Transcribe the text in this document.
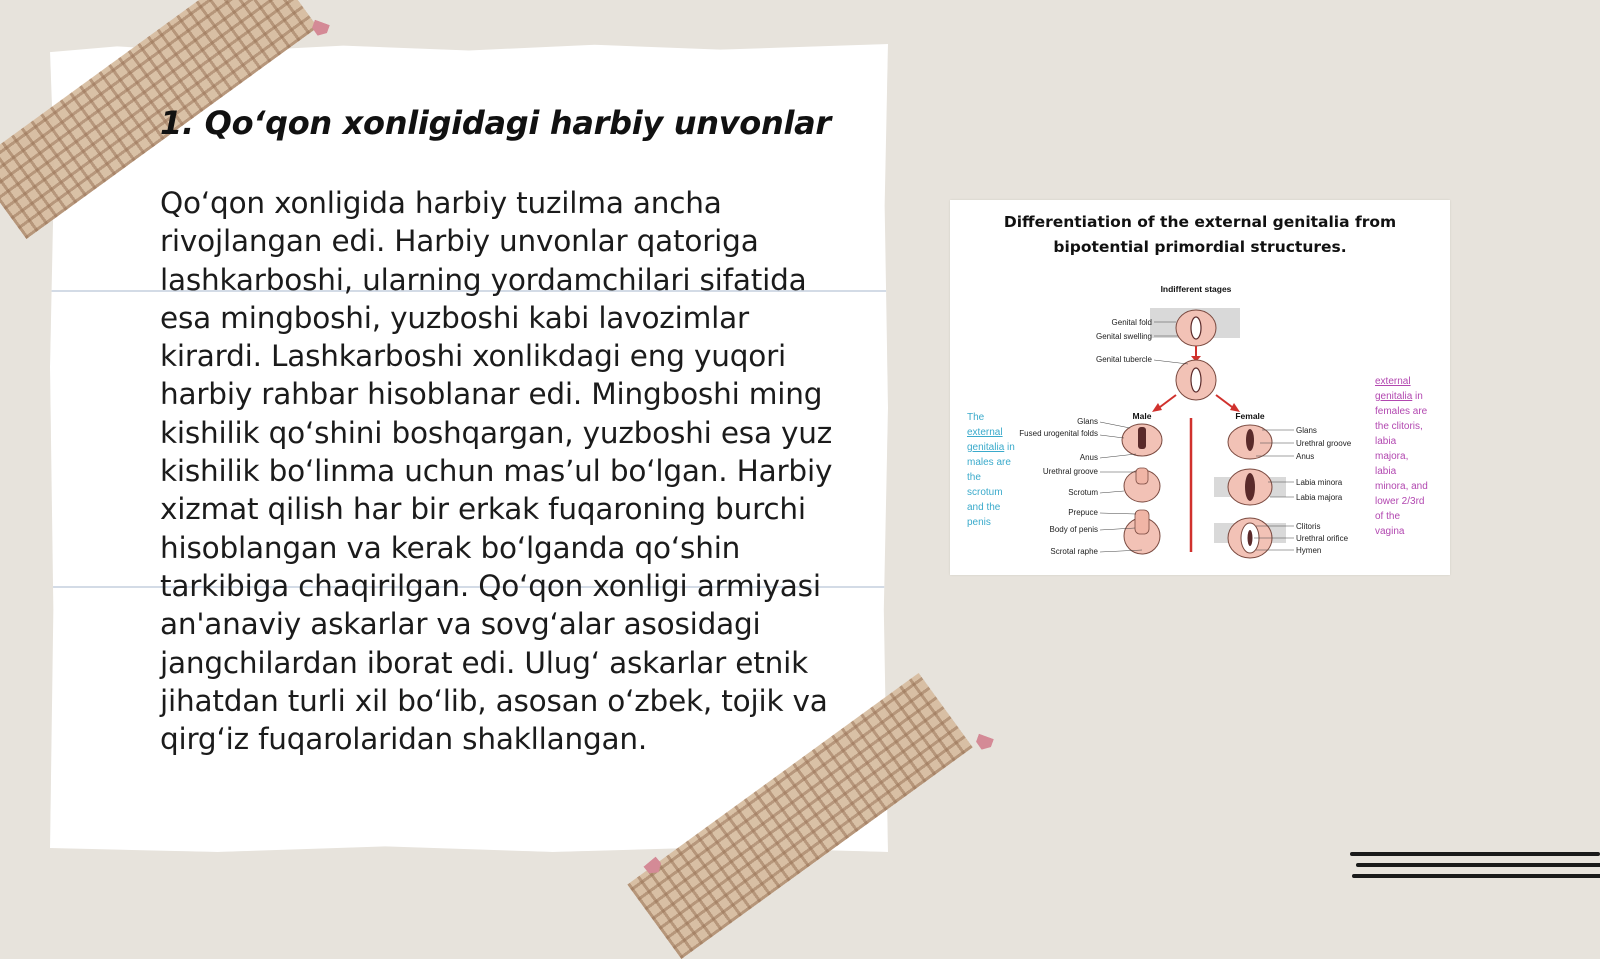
1. Qo‘qon xonligidagi harbiy unvonlar
Qo‘qon xonligida harbiy tuzilma ancha rivojlangan edi. Harbiy unvonlar qatoriga lashkarboshi, ularning yordamchilari sifatida esa mingboshi, yuzboshi kabi lavozimlar kirardi. Lashkarboshi xonlikdagi eng yuqori harbiy rahbar hisoblanar edi. Mingboshi ming kishilik qo‘shini boshqargan, yuzboshi esa yuz kishilik bo‘linma uchun mas’ul bo‘lgan. Harbiy xizmat qilish har bir erkak fuqaroning burchi hisoblangan va kerak bo‘lganda qo‘shin tarkibiga chaqirilgan. Qo‘qon xonligi armiyasi an'anaviy askarlar va sovg‘alar asosidagi jangchilardan iborat edi. Ulug‘ askarlar etnik jihatdan turli xil bo‘lib, asosan o‘zbek, tojik va qirg‘iz fuqarolaridan shakllangan.
Differentiation of the external genitalia from
bipotential primordial structures.
Indifferent stages
Genital fold
Genital swelling
Genital tubercle
Male
Glans
Fused urogenital folds
Anus
Urethral groove
Scrotum
Prepuce
Body of penis
Scrotal raphe
Female
Glans
Urethral groove
Anus
Labia minora
Labia majora
Clitoris
Urethral orifice
Hymen
The external genitalia in males are the scrotum and the penis
external genitalia in females are the clitoris, labia majora, labia minora, and lower 2/3rd of the vagina
